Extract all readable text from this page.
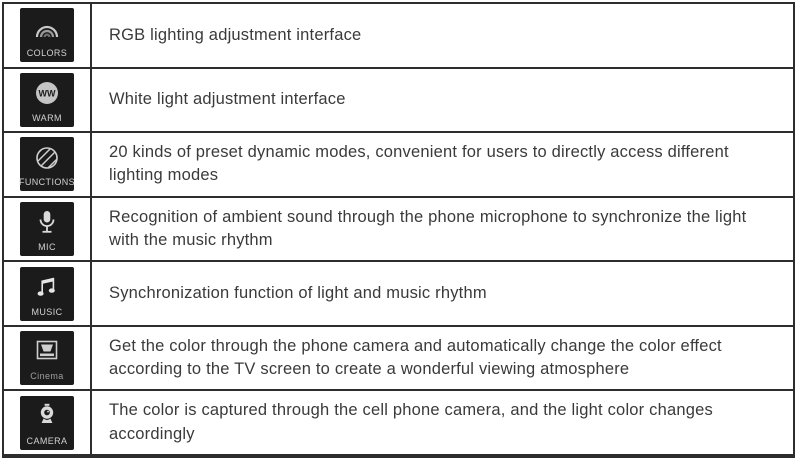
COLORS
RGB lighting adjustment interface
WW
WARM
White light adjustment interface
FUNCTIONS
20 kinds of preset dynamic modes, convenient for users to directly access different lighting modes
MIC
Recognition of ambient sound through the phone microphone to synchronize the light with the music rhythm
MUSIC
Synchronization function of light and music rhythm
Cinema
Get the color through the phone camera and automatically change the color effect according to the TV screen to create a wonderful viewing atmosphere
CAMERA
The color is captured through the cell phone camera, and the light color changes accordingly
